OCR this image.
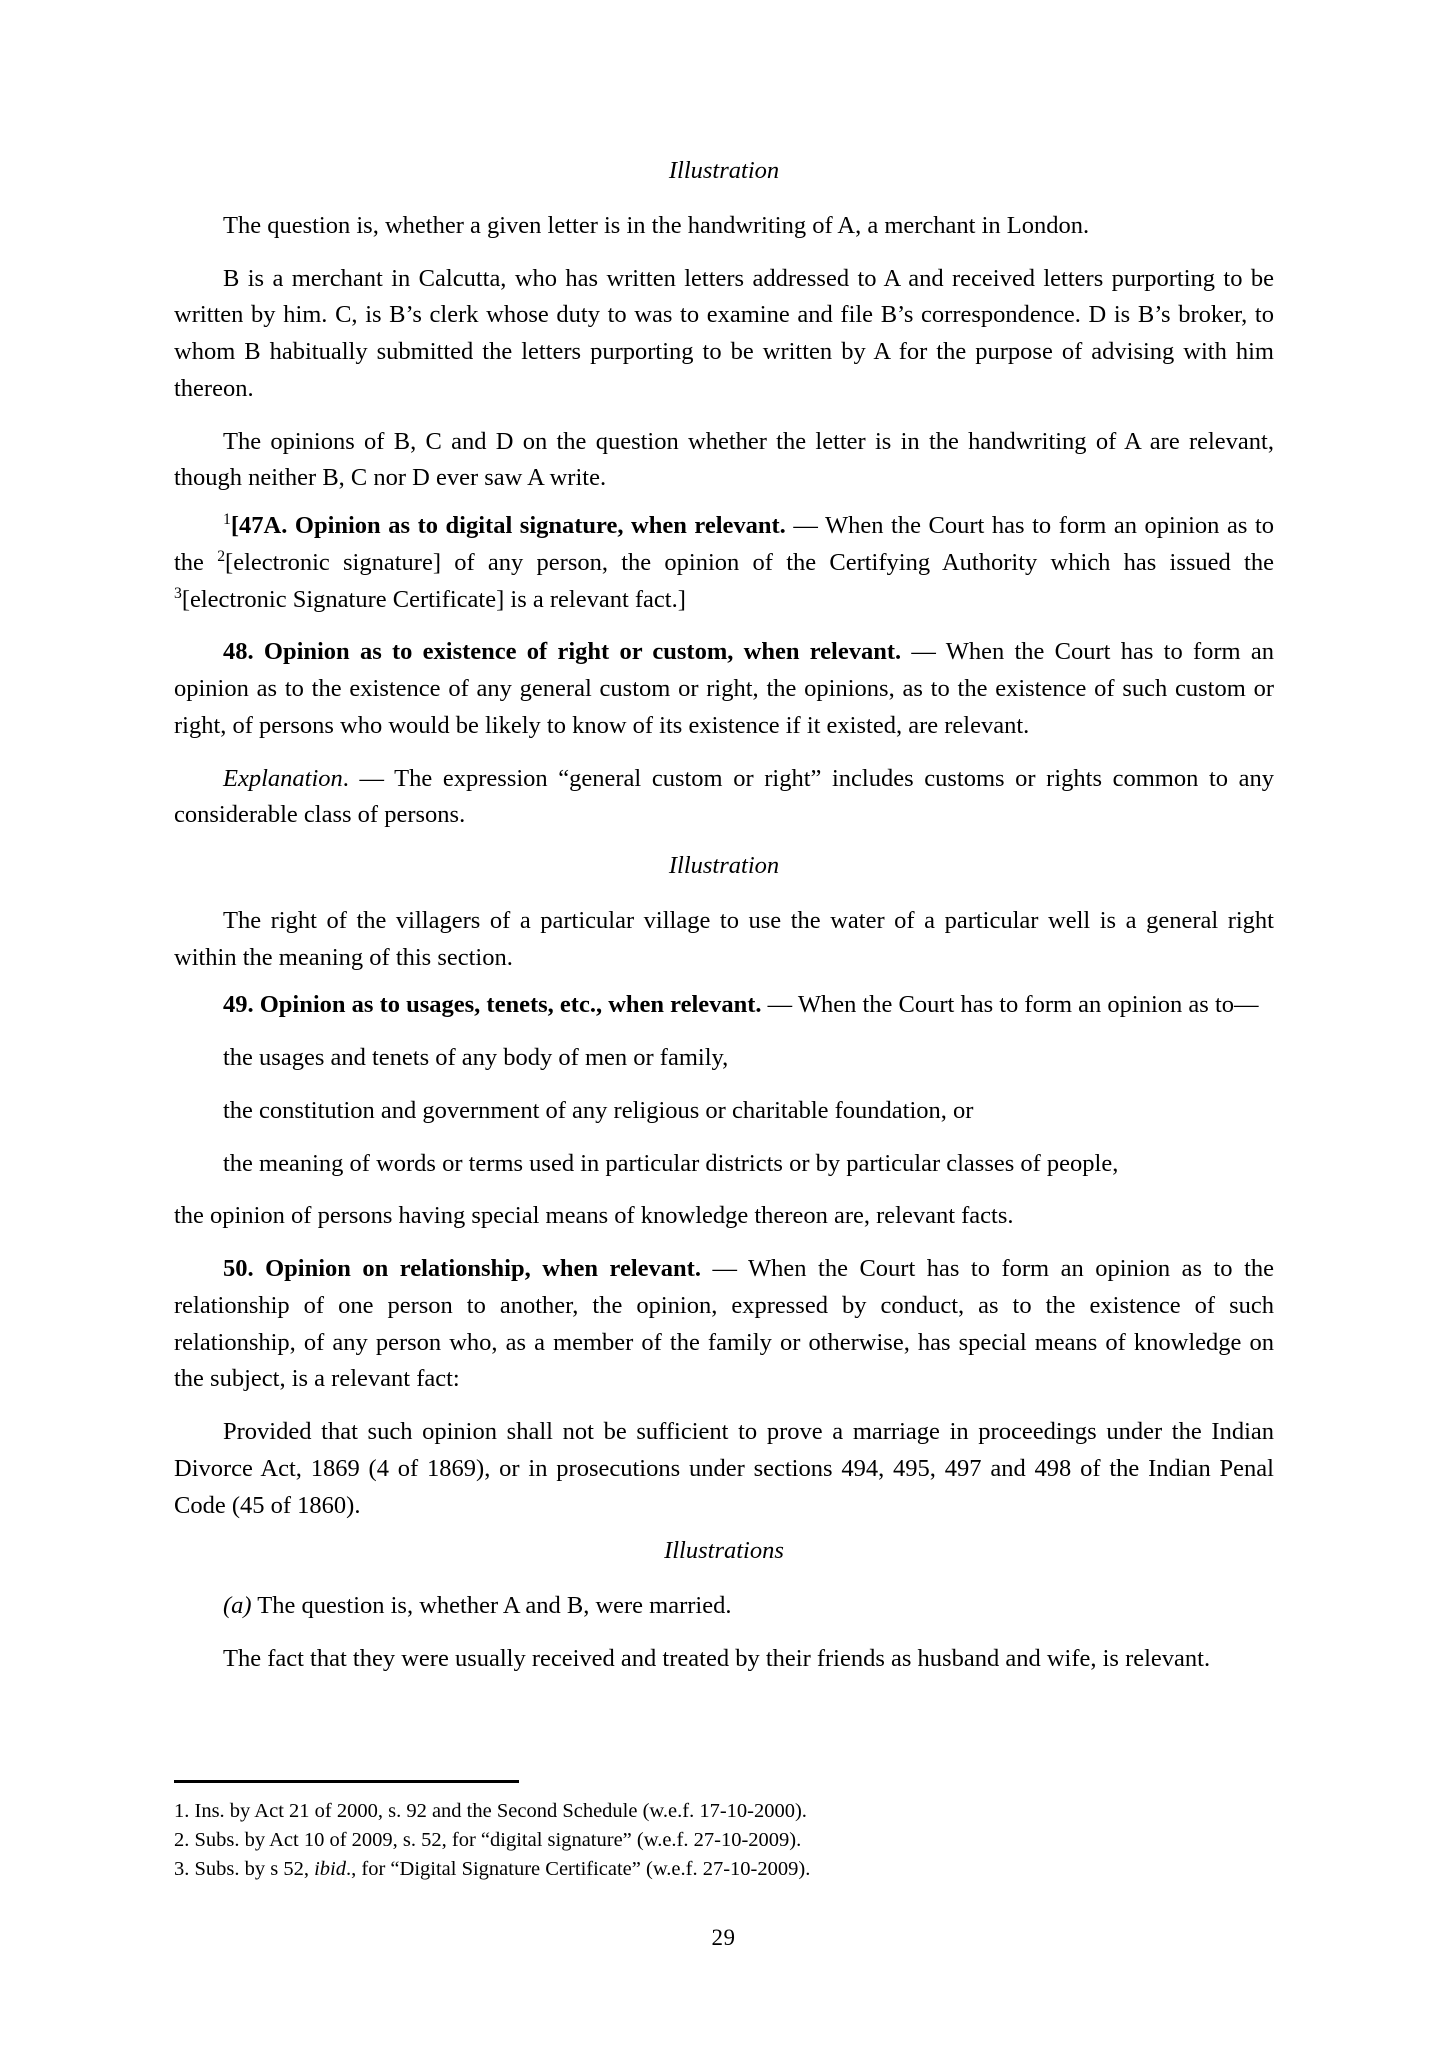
Illustration

The question is, whether a given letter is in the handwriting of A, a merchant in London.

B is a merchant in Calcutta, who has written letters addressed to A and received letters purporting to be written by him. C, is B’s clerk whose duty to was to examine and file B’s correspondence. D is B’s broker, to whom B habitually submitted the letters purporting to be written by A for the purpose of advising with him thereon.

The opinions of B, C and D on the question whether the letter is in the handwriting of A are relevant, though neither B, C nor D ever saw A write.

$^1$[47A. Opinion as to digital signature, when relevant. — When the Court has to form an opinion as to the $^2$[electronic signature] of any person, the opinion of the Certifying Authority which has issued the $^3$[electronic Signature Certificate] is a relevant fact.]

48. Opinion as to existence of right or custom, when relevant. — When the Court has to form an opinion as to the existence of any general custom or right, the opinions, as to the existence of such custom or right, of persons who would be likely to know of its existence if it existed, are relevant.

Explanation. — The expression “general custom or right” includes customs or rights common to any considerable class of persons.

Illustration

The right of the villagers of a particular village to use the water of a particular well is a general right within the meaning of this section.

49. Opinion as to usages, tenets, etc., when relevant. — When the Court has to form an opinion as to—

the usages and tenets of any body of men or family,

the constitution and government of any religious or charitable foundation, or

the meaning of words or terms used in particular districts or by particular classes of people,

the opinion of persons having special means of knowledge thereon are, relevant facts.

50. Opinion on relationship, when relevant. — When the Court has to form an opinion as to the relationship of one person to another, the opinion, expressed by conduct, as to the existence of such relationship, of any person who, as a member of the family or otherwise, has special means of knowledge on the subject, is a relevant fact:

Provided that such opinion shall not be sufficient to prove a marriage in proceedings under the Indian Divorce Act, 1869 (4 of 1869), or in prosecutions under sections 494, 495, 497 and 498 of the Indian Penal Code (45 of 1860).

Illustrations

(a) The question is, whether A and B, were married.

The fact that they were usually received and treated by their friends as husband and wife, is relevant.

1. Ins. by Act 21 of 2000, s. 92 and the Second Schedule (w.e.f. 17-10-2000).

2. Subs. by Act 10 of 2009, s. 52, for “digital signature” (w.e.f. 27-10-2009).

3. Subs. by s 52, ibid., for “Digital Signature Certificate” (w.e.f. 27-10-2009).

29
